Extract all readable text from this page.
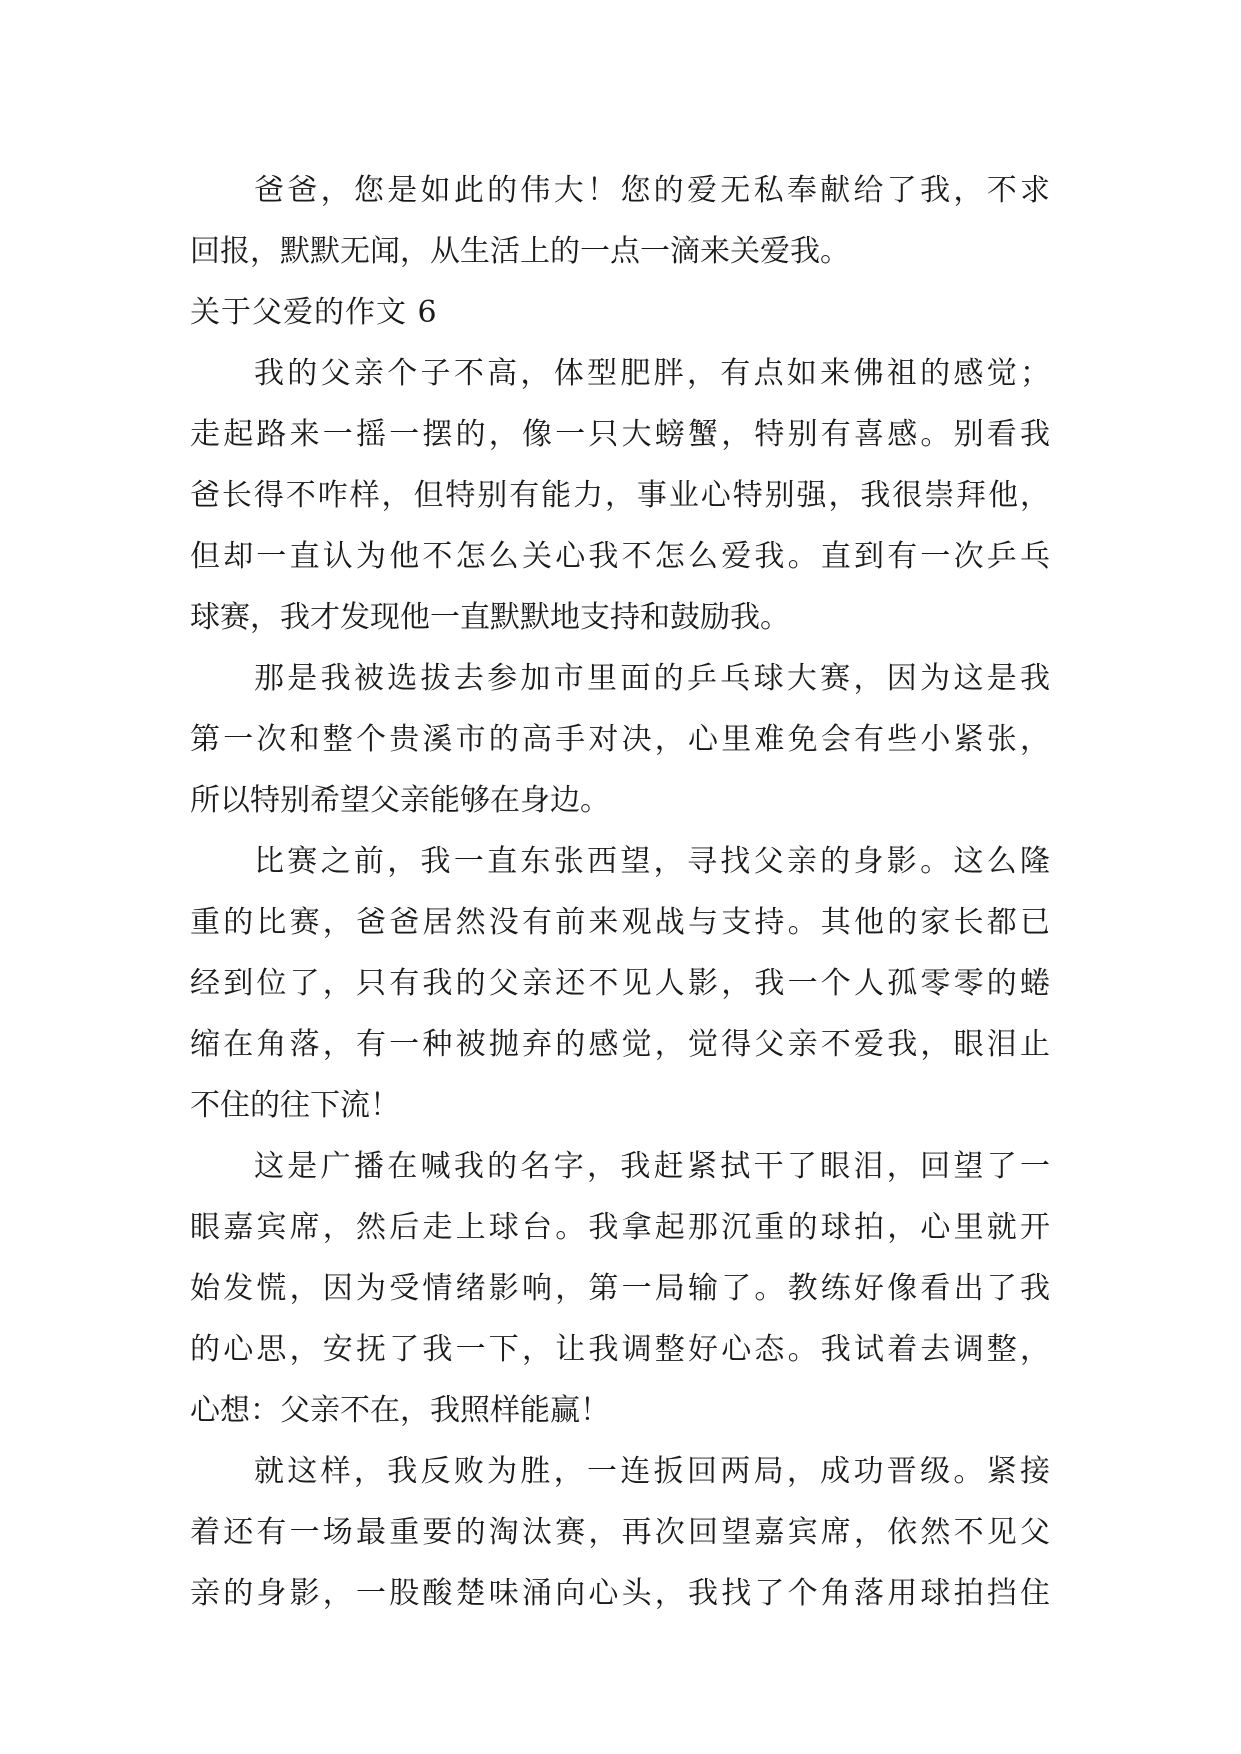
爸爸，您是如此的伟大！您的爱无私奉献给了我，不求
回报，默默无闻，从生活上的一点一滴来关爱我。
关于父爱的作文 6
我的父亲个子不高，体型肥胖，有点如来佛祖的感觉；
走起路来一摇一摆的，像一只大螃蟹，特别有喜感。别看我
爸长得不咋样，但特别有能力，事业心特别强，我很崇拜他，
但却一直认为他不怎么关心我不怎么爱我。直到有一次乒乓
球赛，我才发现他一直默默地支持和鼓励我。
那是我被选拔去参加市里面的乒乓球大赛，因为这是我
第一次和整个贵溪市的高手对决，心里难免会有些小紧张，
所以特别希望父亲能够在身边。
比赛之前，我一直东张西望，寻找父亲的身影。这么隆
重的比赛，爸爸居然没有前来观战与支持。其他的家长都已
经到位了，只有我的父亲还不见人影，我一个人孤零零的蜷
缩在角落，有一种被抛弃的感觉，觉得父亲不爱我，眼泪止
不住的往下流！
这是广播在喊我的名字，我赶紧拭干了眼泪，回望了一
眼嘉宾席，然后走上球台。我拿起那沉重的球拍，心里就开
始发慌，因为受情绪影响，第一局输了。教练好像看出了我
的心思，安抚了我一下，让我调整好心态。我试着去调整，
心想：父亲不在，我照样能赢！
就这样，我反败为胜，一连扳回两局，成功晋级。紧接
着还有一场最重要的淘汰赛，再次回望嘉宾席，依然不见父
亲的身影，一股酸楚味涌向心头，我找了个角落用球拍挡住
